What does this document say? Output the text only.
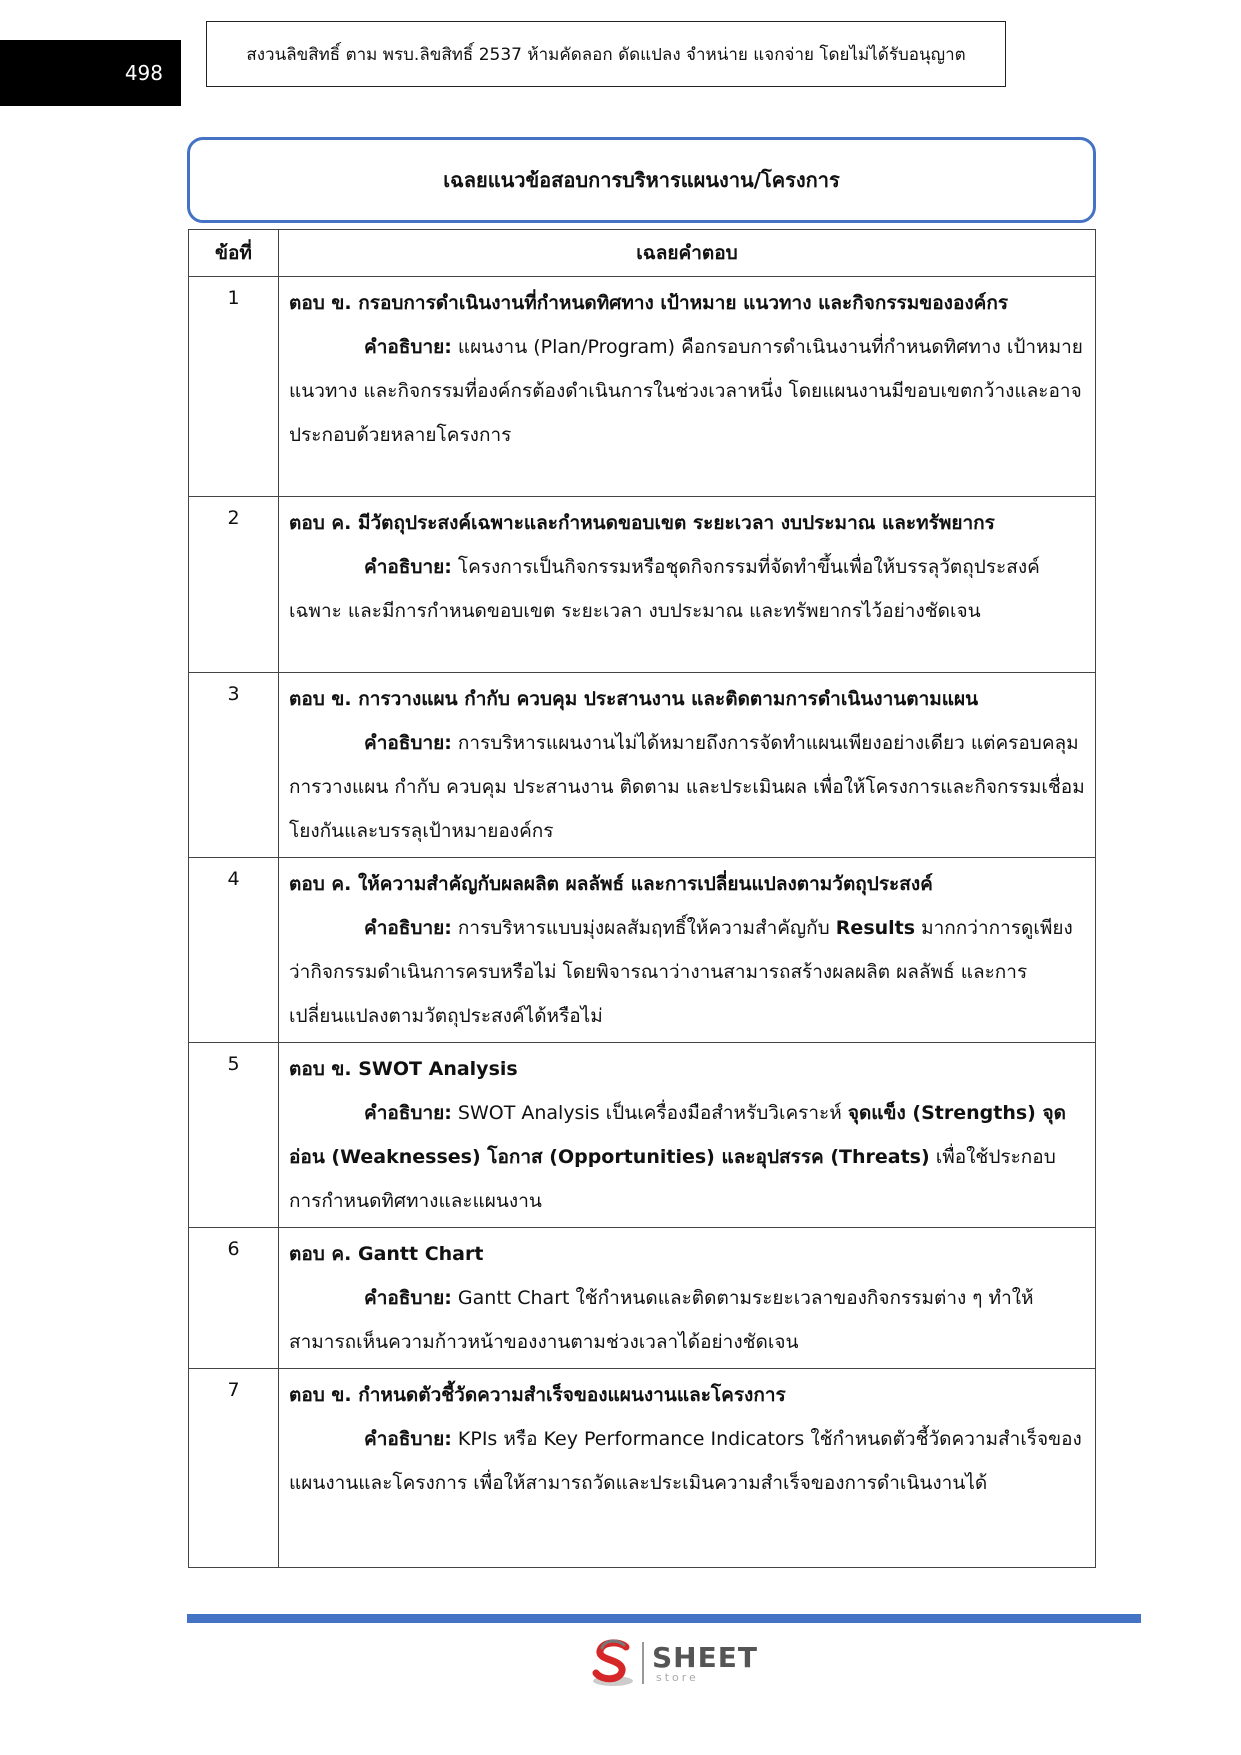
498
สงวนลิขสิทธิ์ ตาม พรบ.ลิขสิทธิ์ 2537 ห้ามคัดลอก ดัดแปลง จำหน่าย แจกจ่าย โดยไม่ได้รับอนุญาต
เฉลยแนวข้อสอบการบริหารแผนงาน/โครงการ
ข้อที่	เฉลยคำตอบ
1	ตอบ ข. กรอบการดำเนินงานที่กำหนดทิศทาง เป้าหมาย แนวทาง และกิจกรรมขององค์กร
คำอธิบาย: แผนงาน (Plan/Program) คือกรอบการดำเนินงานที่กำหนดทิศทาง เป้าหมาย แนวทาง และกิจกรรมที่องค์กรต้องดำเนินการในช่วงเวลาหนึ่ง โดยแผนงานมีขอบเขตกว้างและอาจประกอบด้วยหลายโครงการ

2	ตอบ ค. มีวัตถุประสงค์เฉพาะและกำหนดขอบเขต ระยะเวลา งบประมาณ และทรัพยากร
คำอธิบาย: โครงการเป็นกิจกรรมหรือชุดกิจกรรมที่จัดทำขึ้นเพื่อให้บรรลุวัตถุประสงค์เฉพาะ และมีการกำหนดขอบเขต ระยะเวลา งบประมาณ และทรัพยากรไว้อย่างชัดเจน

3	ตอบ ข. การวางแผน กำกับ ควบคุม ประสานงาน และติดตามการดำเนินงานตามแผน
คำอธิบาย: การบริหารแผนงานไม่ได้หมายถึงการจัดทำแผนเพียงอย่างเดียว แต่ครอบคลุมการวางแผน กำกับ ควบคุม ประสานงาน ติดตาม และประเมินผล เพื่อให้โครงการและกิจกรรมเชื่อมโยงกันและบรรลุเป้าหมายองค์กร

4	ตอบ ค. ให้ความสำคัญกับผลผลิต ผลลัพธ์ และการเปลี่ยนแปลงตามวัตถุประสงค์
คำอธิบาย: การบริหารแบบมุ่งผลสัมฤทธิ์ให้ความสำคัญกับ Results มากกว่าการดูเพียงว่ากิจกรรมดำเนินการครบหรือไม่ โดยพิจารณาว่างานสามารถสร้างผลผลิต ผลลัพธ์ และการเปลี่ยนแปลงตามวัตถุประสงค์ได้หรือไม่

5	ตอบ ข. SWOT Analysis
คำอธิบาย: SWOT Analysis เป็นเครื่องมือสำหรับวิเคราะห์ จุดแข็ง (Strengths) จุดอ่อน (Weaknesses) โอกาส (Opportunities) และอุปสรรค (Threats) เพื่อใช้ประกอบการกำหนดทิศทางและแผนงาน

6	ตอบ ค. Gantt Chart
คำอธิบาย: Gantt Chart ใช้กำหนดและติดตามระยะเวลาของกิจกรรมต่าง ๆ ทำให้สามารถเห็นความก้าวหน้าของงานตามช่วงเวลาได้อย่างชัดเจน

7	ตอบ ข. กำหนดตัวชี้วัดความสำเร็จของแผนงานและโครงการ
คำอธิบาย: KPIs หรือ Key Performance Indicators ใช้กำหนดตัวชี้วัดความสำเร็จของแผนงานและโครงการ เพื่อให้สามารถวัดและประเมินความสำเร็จของการดำเนินงานได้
SHEET
store
